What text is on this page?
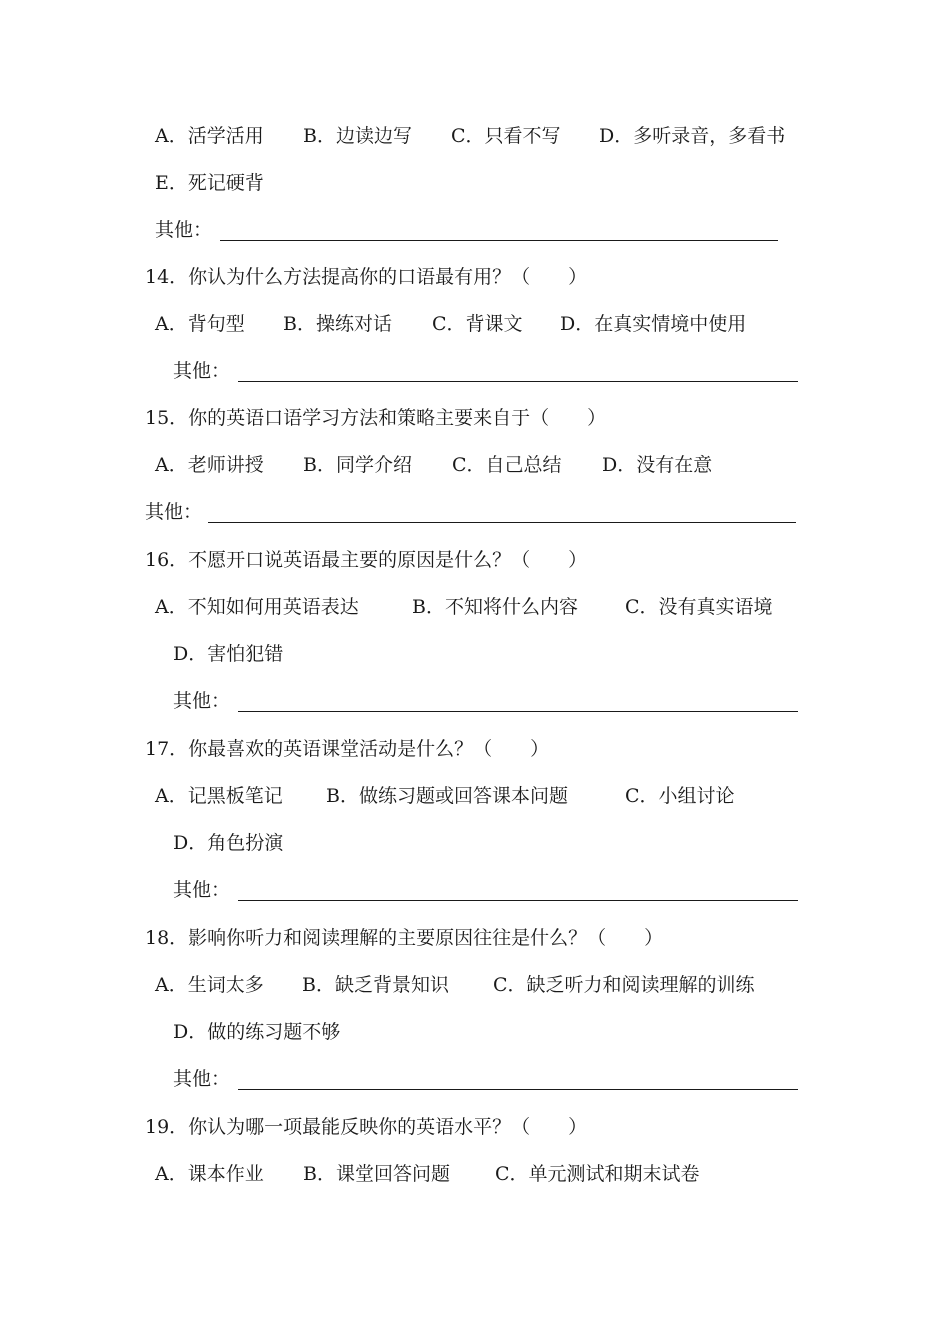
A．活学活用 B．边读边写 C．只看不写 D．多听录音，多看书
E．死记硬背
其他：
14．你认为什么方法提高你的口语最有用？（　　）
A．背句型 B．操练对话 C．背课文 D．在真实情境中使用
其他：
15．你的英语口语学习方法和策略主要来自于（　　）
A．老师讲授 B．同学介绍 C．自己总结 D．没有在意
其他：
16．不愿开口说英语最主要的原因是什么？（　　）
A．不知如何用英语表达	B．不知将什么内容 C．没有真实语境
D．害怕犯错
其他：
17．你最喜欢的英语课堂活动是什么？（　　）
A．记黑板笔记 B．做练习题或回答课本问题	C．小组讨论
D．角色扮演
其他：
18．影响你听力和阅读理解的主要原因往往是什么？（　　）
A．生词太多 B．缺乏背景知识 C．缺乏听力和阅读理解的训练
D．做的练习题不够
其他：
19．你认为哪一项最能反映你的英语水平？（　　）
A．课本作业 B．课堂回答问题 C．单元测试和期末试卷
